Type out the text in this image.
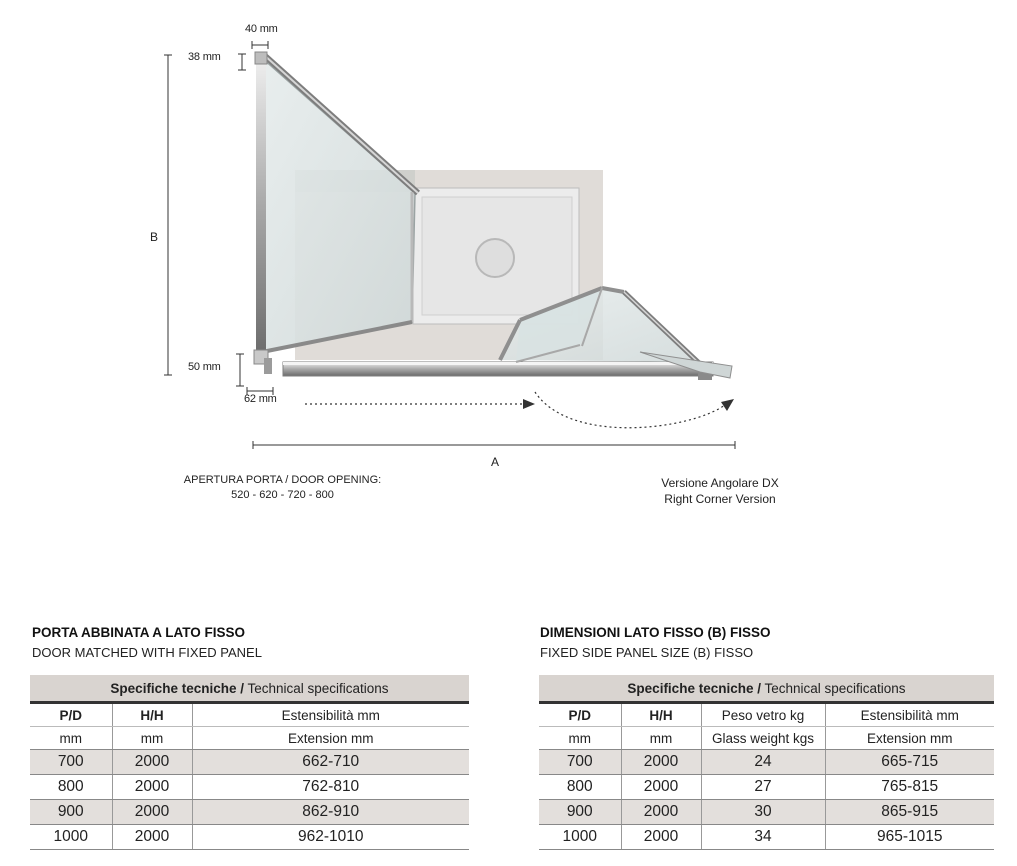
40 mm
38 mm
B
50 mm
62 mm
A
APERTURA PORTA / DOOR OPENING:
520 - 620 - 720 - 800
Versione Angolare DX
Right Corner Version
PORTA ABBINATA A LATO FISSO
DOOR MATCHED WITH FIXED PANEL
Specifiche tecniche / Technical specifications		
P/D	H/H	Estensibilità mm
mm	mm	Extension mm
700	2000	662-710
800	2000	762-810
900	2000	862-910
1000	2000	962-1010
DIMENSIONI LATO FISSO (B) FISSO
FIXED SIDE PANEL SIZE (B) FISSO
Specifiche tecniche / Technical specifications			
P/D	H/H	Peso vetro kg	Estensibilità mm
mm	mm	Glass weight kgs	Extension mm
700	2000	24	665-715
800	2000	27	765-815
900	2000	30	865-915
1000	2000	34	965-1015
